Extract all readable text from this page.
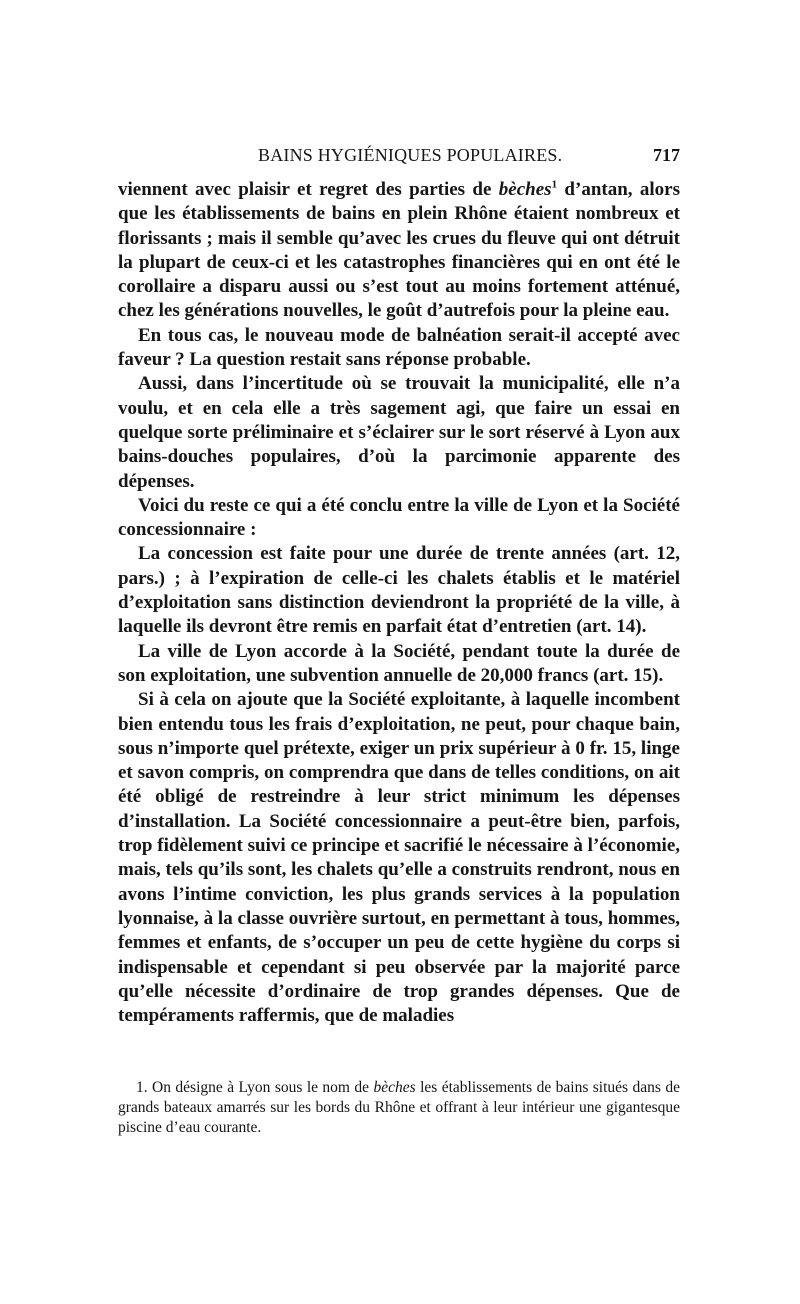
BAINS HYGIÉNIQUES POPULAIRES.	717

viennent avec plaisir et regret des parties de bèches$^1$ d’antan, alors que les établissements de bains en plein Rhône étaient nombreux et florissants ; mais il semble qu’avec les crues du fleuve qui ont détruit la plupart de ceux-ci et les catastrophes financières qui en ont été le corollaire a disparu aussi ou s’est tout au moins fortement atténué, chez les générations nouvelles, le goût d’autrefois pour la pleine eau.

En tous cas, le nouveau mode de balnéation serait-il accepté avec faveur ? La question restait sans réponse probable.

Aussi, dans l’incertitude où se trouvait la municipalité, elle n’a voulu, et en cela elle a très sagement agi, que faire un essai en quelque sorte préliminaire et s’éclairer sur le sort réservé à Lyon aux bains-douches populaires, d’où la parcimonie apparente des dépenses.

Voici du reste ce qui a été conclu entre la ville de Lyon et la Société concessionnaire :

La concession est faite pour une durée de trente années (art. 12, pars.) ; à l’expiration de celle-ci les chalets établis et le matériel d’exploitation sans distinction deviendront la propriété de la ville, à laquelle ils devront être remis en parfait état d’entretien (art. 14).

La ville de Lyon accorde à la Société, pendant toute la durée de son exploitation, une subvention annuelle de 20,000 francs (art. 15).

Si à cela on ajoute que la Société exploitante, à laquelle incombent bien entendu tous les frais d’exploitation, ne peut, pour chaque bain, sous n’importe quel prétexte, exiger un prix supérieur à 0 fr. 15, linge et savon compris, on comprendra que dans de telles conditions, on ait été obligé de restreindre à leur strict minimum les dépenses d’installation. La Société concessionnaire a peut-être bien, parfois, trop fidèlement suivi ce principe et sacrifié le nécessaire à l’économie, mais, tels qu’ils sont, les chalets qu’elle a construits rendront, nous en avons l’intime conviction, les plus grands services à la population lyonnaise, à la classe ouvrière surtout, en permettant à tous, hommes, femmes et enfants, de s’occuper un peu de cette hygiène du corps si indispensable et cependant si peu observée par la majorité parce qu’elle nécessite d’ordinaire de trop grandes dépenses. Que de tempéraments raffermis, que de maladies

1. On désigne à Lyon sous le nom de bèches les établissements de bains situés dans de grands bateaux amarrés sur les bords du Rhône et offrant à leur intérieur une gigantesque piscine d’eau courante.
